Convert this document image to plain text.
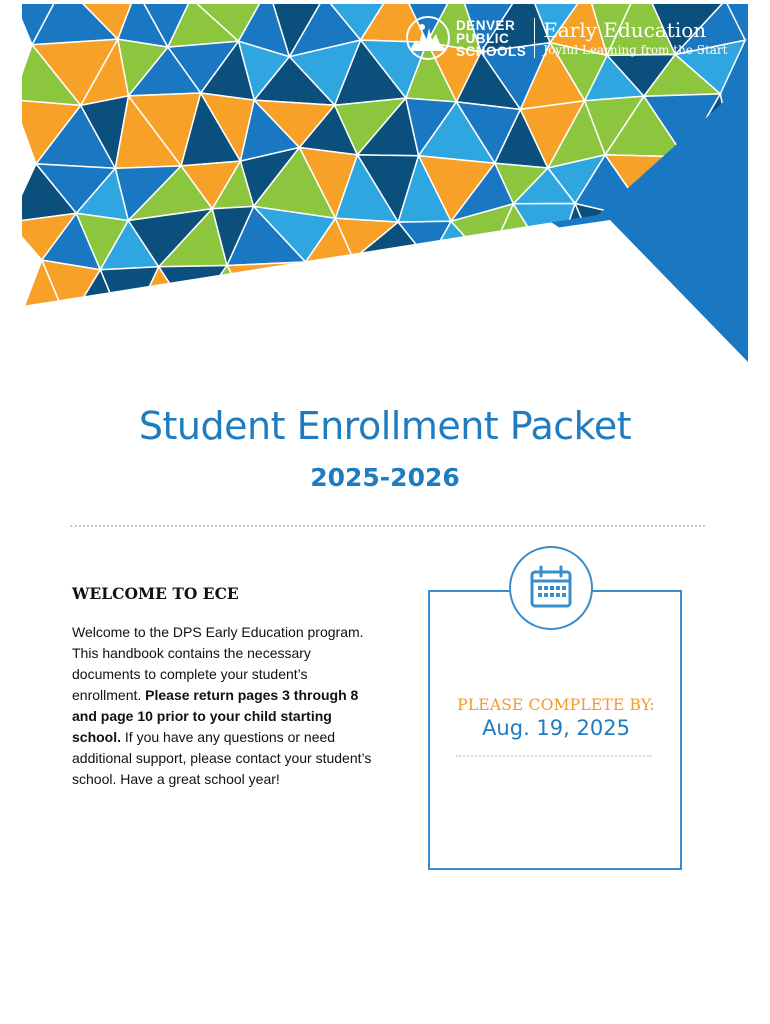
DENVER
PUBLIC
SCHOOLS
Early Education
Joyful Learning from the Start
Student Enrollment Packet
2025-2026
WELCOME TO ECE

Welcome to the DPS Early Education program. This handbook contains the necessary documents to complete your student’s enrollment. Please return pages 3 through 8 and page 10 prior to your child starting school. If you have any questions or need additional support, please contact your student’s school. Have a great school year!

PLEASE COMPLETE BY:
Aug. 19, 2025
